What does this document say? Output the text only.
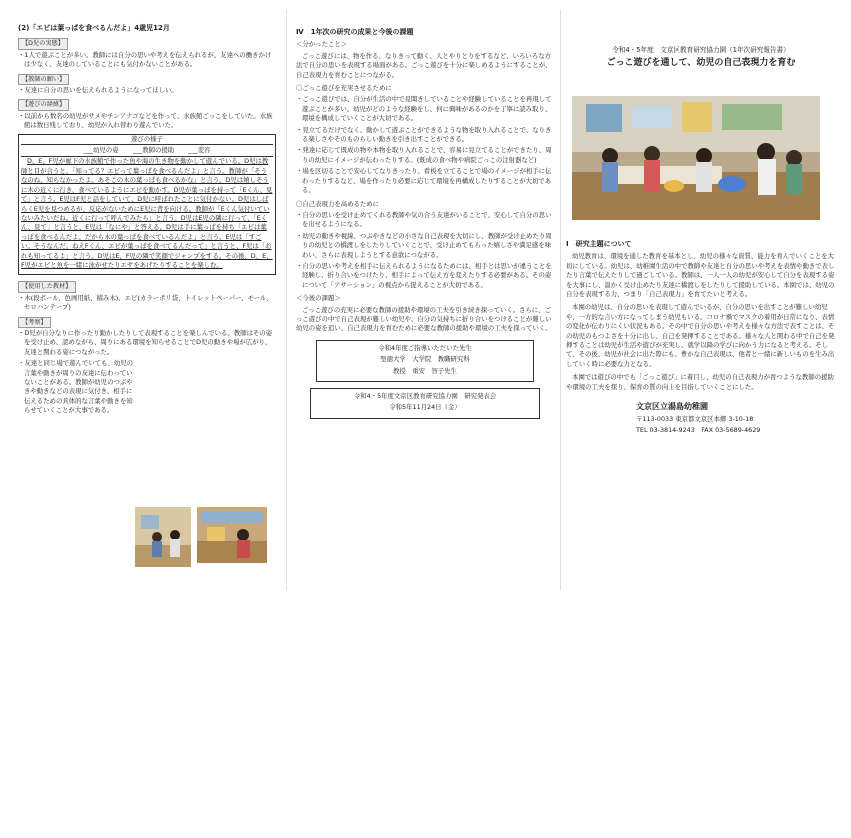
(2)「エビは葉っぱを食べるんだよ」4歳児12月
【D児の実態】

・1人で遊ぶことが多い。教師には自分の思いや考えを伝えられるが、友達への働きかけは少なく、友達のしていることにも気付かないことがある。

【教師の願い】

・友達に自分の思いを伝えられるようになってほしい。

【遊びの経緯】

・以前から数名の幼児がサメやチンアナゴなどを作って、水族館ごっこをしていた。水族館は数日残しており、幼児が入れ替わり遊んでいた。

遊びの様子
___幼児の姿 ___教師の援助 ___変容

D、E、F児が廊下の水族館で作った魚や海の生き物を動かして遊んでいる。D児は教師と目が合うと、「知ってる？エビって葉っぱを食べるんだよ」と言う。教師が「そうなのね、知らなかったよ。あそこの木の葉っぱも食べるかな」と言う。D児は嬉しそうに木の近くに行き、食べているようにエビを動かす。D児が葉っぱを持って「Eくん、見て」と言う。E児はF児と話をしていて、D児に呼ばれたことに気付かない。D児はしばらくE児を見つめるが、反応がないためにE児に背を向ける。教師が「Eくん気付いていないみたいだね。近くに行って呼んでみたら」と言う。D児はE児の隣に行って、「Eくん、見て」と言うと、E児は「なにや」と答える。D児は手に葉っぱを持ち「エビは葉っぱを食べるんだよ。だから木の葉っぱを食べているんだよ」と言う。E児は「すごい。そうなんだ。ねえFくん、エビが葉っぱを食べてるんだって」と言うと、F児は「おれも知ってるよ」と言う。D児はE、F児の隣で笑顔でジャンプをする。その後、D、E、F児がエビと魚を一緒に泳がせたりエサをあげたりすることを楽しむ。

【使用した教材】

・木(段ボール、色画用紙、積み木)、エビ(カラーポリ袋、トイレットペーパー、モール、セロハンテープ)

【考察】

・D児が自分なりに作ったり動かしたりして表現することを楽しんでいる。教師はその姿を受け止め、認めながら、周りにある環境を知らせることでD児の動きや場が広がり、友達と関わる姿につながった。

・友達と同じ場で遊んでいても、幼児の言葉や動きが周りの友達に伝わっていないことがある。教師が幼児のつぶやきや動きなどの表現に気付き、相手に伝えるための具体的な言葉や動きを知らせていくことが大事である。

Ⅳ　1年次の研究の成果と今後の課題

＜分かったこと＞

ごっこ遊びには、物を作る、なりきって動く、人とやりとりをするなど、いろいろな方法で自分の思いを表現する場面がある。ごっこ遊びを十分に楽しめるようにすることが、自己表現力を育むことにつながる。

〇ごっこ遊びを充実させるために

・ごっこ遊びでは、自分が生活の中で見聞きしていることや経験していることを再現して遊ぶことが多い。幼児がどのような経験をし、何に興味があるのかを丁寧に読み取り、環境を構成していくことが大切である。

・見立てるだけでなく、動かして遊ぶことができるような物を取り入れることで、なりきる楽しさやそのものらしい動きを引き出すことができる。

・発達に応じて既成の物や本物を取り入れることで、容易に見立てることができたり、周りの幼児にイメージが伝わったりする。(既成の食べ物や病院ごっこの注射器など)

・場を区切ることで安心してなりきったり、看板を立てることで場のイメージが相手に伝わったりするなど、場を作ったり必要に応じて環境を再構成したりすることが大切である。

〇自己表現力を高めるために

・自分の思いを受け止めてくれる教師や気の合う友達がいることで、安心して自分の思いを出せるようになる。

・幼児の動きや視線、つぶやきなどの小さな自己表現を大切にし、教師が受け止めたり周りの幼児との橋渡しをしたりしていくことで、受け止めてもらった嬉しさや満足感を味わい、さらに表現しようとする意欲につながる。

・自分の思いや考えを相手に伝えられるようになるためには、相手とは思いが違うことを経験し、折り合いをつけたり、相手によって伝え方を変えたりする必要がある。その姿について「アサーション」の視点から捉えることが大切である。

＜今後の課題＞

ごっこ遊びの充実に必要な教師の援助や環境の工夫を引き続き探っていく。さらに、ごっこ遊びの中で自己表現が難しい幼児や、自分の気持ちに折り合いをつけることが難しい幼児の姿を追い、自己表現力を育むために必要な教師の援助や環境の工夫を探っていく。

令和4年度ご指導いただいた先生

聖徳大学　大学院　教職研究科

教授　重安　智子先生

令和4・5年度文京区教育研究協力園　研究発表会

令和5年11月24日（金）

令和4・5年度　文京区教育研究協力園（1年次研究報告書）
ごっこ遊びを通して、幼児の自己表現力を育む
Ⅰ　研究主題について

幼児教育は、環境を通した教育を基本とし、幼児の様々な資質、能力を育んでいくことを大切にしている。幼児は、幼稚園生活の中で教師や友達と自分の思いや考えを表情や動きで表したり言葉で伝えたりして過ごしている。教師は、一人一人の幼児が安心して自分を表現する姿を大事にし、温かく受け止めたり友達に橋渡しをしたりして援助している。本園では、幼児の自分を表現する力、つまり「自己表現力」を育てたいと考える。

本園の幼児は、自分の思いを表現して遊んでいるが、自分の思いを出すことが難しい幼児や、一方的な言い方になってしまう幼児もいる。コロナ禍でマスクの着用が日常になり、表情の変化が伝わりにくい状況もある。その中で自分の思いや考えを様々な方法で表すことは、その幼児のもつよさを十分に出し、自己を発揮することである。様々な人と関わる中で自己を発揮することは幼児が生活や遊びが充実し、就学以降の学びに向かう力になると考える。そして、その後、幼児が社会に出た際にも、豊かな自己表現は、他者と一緒に新しいものを生み出していく時に必要な力となる。

本園では遊びの中でも「ごっこ遊び」に着目し、幼児の自己表現力が育つような教師の援助や環境の工夫を探り、保育の質の向上を目指していくことにした。

文京区立湯島幼稚園

〒113-0033 東京都文京区本郷 3-10-18

TEL 03-3814-9243　FAX 03-5689-4629
